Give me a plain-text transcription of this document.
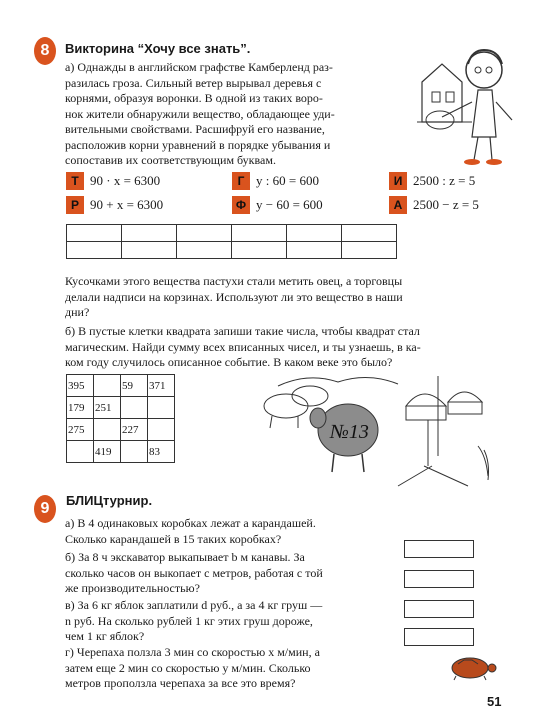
8	Викторина “Хочу все знать”.
а) Однажды в английском графстве Камберленд раз-
разилась гроза. Сильный ветер вырывал деревья с
корнями, образуя воронки. В одной из таких воро-
нок жители обнаружили вещество, обладающее уди-
вительными свойствами. Расшифруй его название,
расположив корни уравнений в порядке убывания и
сопоставив их соответствующим буквам.
Т 90 · x = 6300	Г y : 60 = 600	И 2500 : z = 5
Р 90 + x = 6300	Ф y − 60 = 600	А 2500 − z = 5

Кусочками этого вещества пастухи стали метить овец, а торговцы
делали надписи на корзинах. Используют ли это вещество в наши
дни?
б) В пустые клетки квадрата запиши такие числа, чтобы квадрат стал
магическим. Найди сумму всех вписанных чисел, и ты узнаешь, в ка-
ком году случилось описанное событие. В каком веке это было?
395		59	371
179	251		
275		227	
	419		83
№13
9	БЛИЦтурнир.
а) В 4 одинаковых коробках лежат a карандашей.
Сколько карандашей в 15 таких коробках?
б) За 8 ч экскаватор выкапывает b м канавы. За
сколько часов он выкопает c метров, работая с той
же производительностью?
в) За 6 кг яблок заплатили d руб., а за 4 кг груш —
n руб. На сколько рублей 1 кг этих груш дороже,
чем 1 кг яблок?
г) Черепаха ползла 3 мин со скоростью x м/мин, а
затем еще 2 мин со скоростью y м/мин. Сколько
метров проползла черепаха за все это время?
51
